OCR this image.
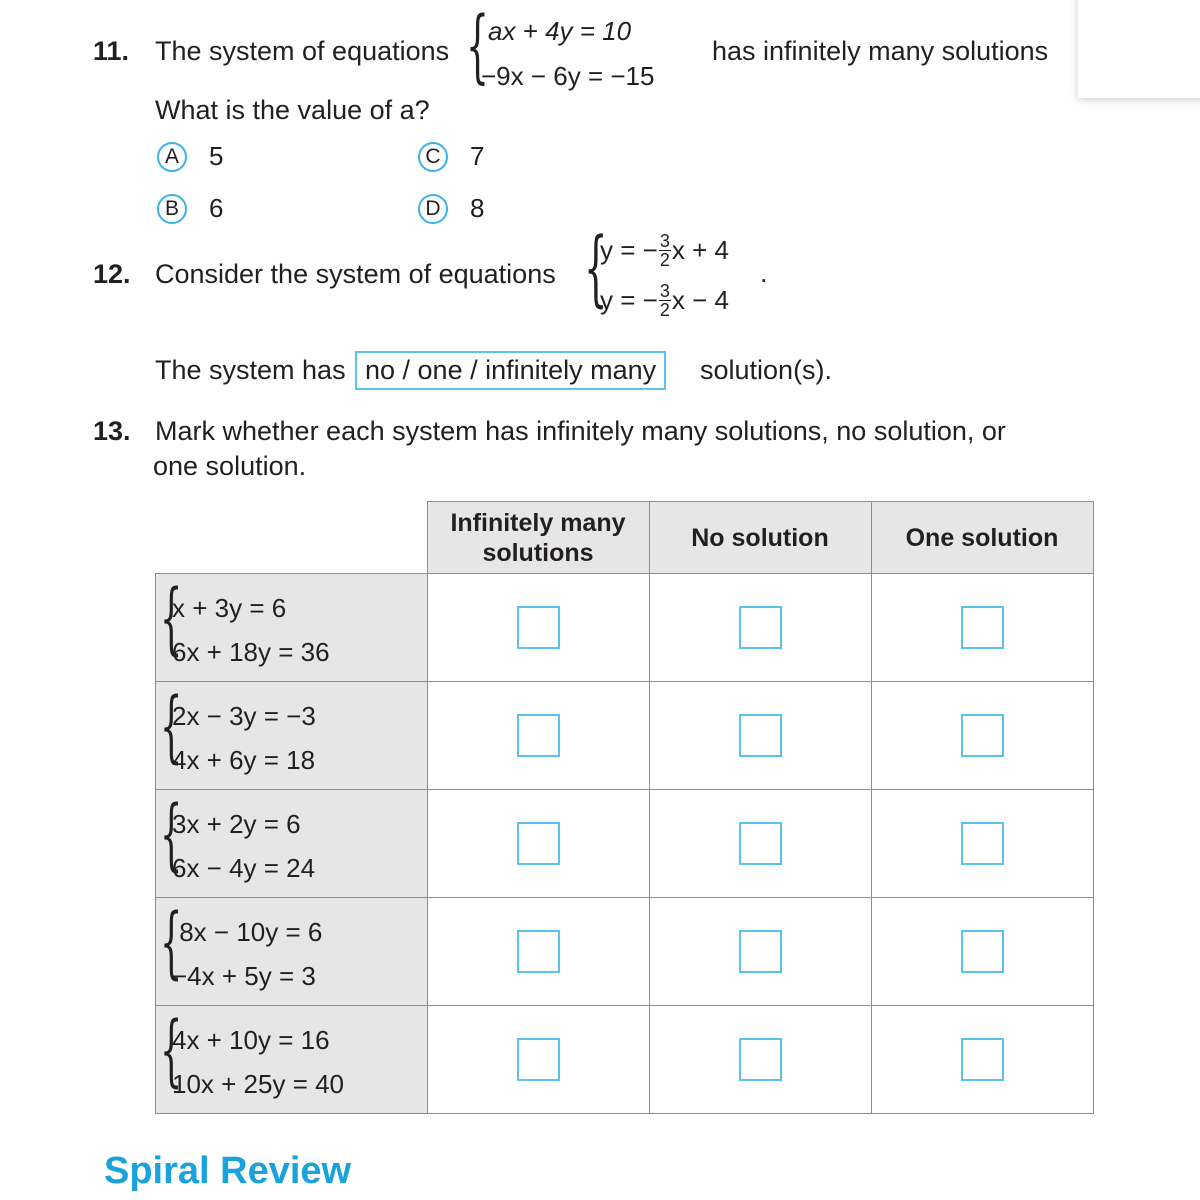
11. The system of equations { ax + 4y = 10
−9x − 6y = −15
has infinitely many solutions
What is the value of a?
A	5
B	6
C 7
D 8
12. Consider the system of equations {
y = − $\frac{3}{2}$ x + 4
y = − $\frac{3}{2}$ x − 4
.
The system has no / one / infinitely many	solution(s).
13. Mark whether each system has infinitely many solutions, no solution, or
one solution.

	Infinitely many
solutions	No solution	One solution

{
x + 3y = 6
6x + 18y = 36			

{
2x − 3y = −3
4x + 6y = 18			

{
3x + 2y = 6
6x − 4y = 24			

{
8x − 10y = 6
−4x + 5y = 3			

{
4x + 10y = 16
10x + 25y = 40			

Spiral Review
